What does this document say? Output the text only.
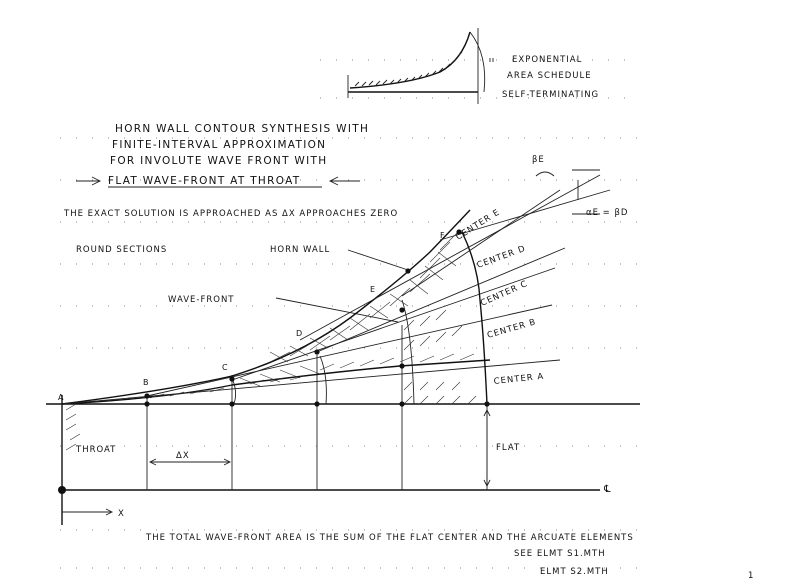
EXPONENTIAL
AREA SCHEDULE
SELF-TERMINATING
HORN WALL CONTOUR SYNTHESIS WITH
FINITE-INTERVAL APPROXIMATION
FOR INVOLUTE WAVE FRONT WITH
FLAT WAVE-FRONT AT THROAT
THE EXACT SOLUTION IS APPROACHED AS ΔX APPROACHES ZERO
ROUND SECTIONS	HORN WALL
WAVE-FRONT
THROAT
ΔX
FLAT
℄
X
A
B
C
D
E
F CENTER E
CENTER D
CENTER C
CENTER B
CENTER A
βE
αE = βD
THE TOTAL WAVE-FRONT AREA IS THE SUM OF THE FLAT CENTER AND THE ARCUATE ELEMENTS
SEE ELMT S1.MTH
ELMT S2.MTH	1
